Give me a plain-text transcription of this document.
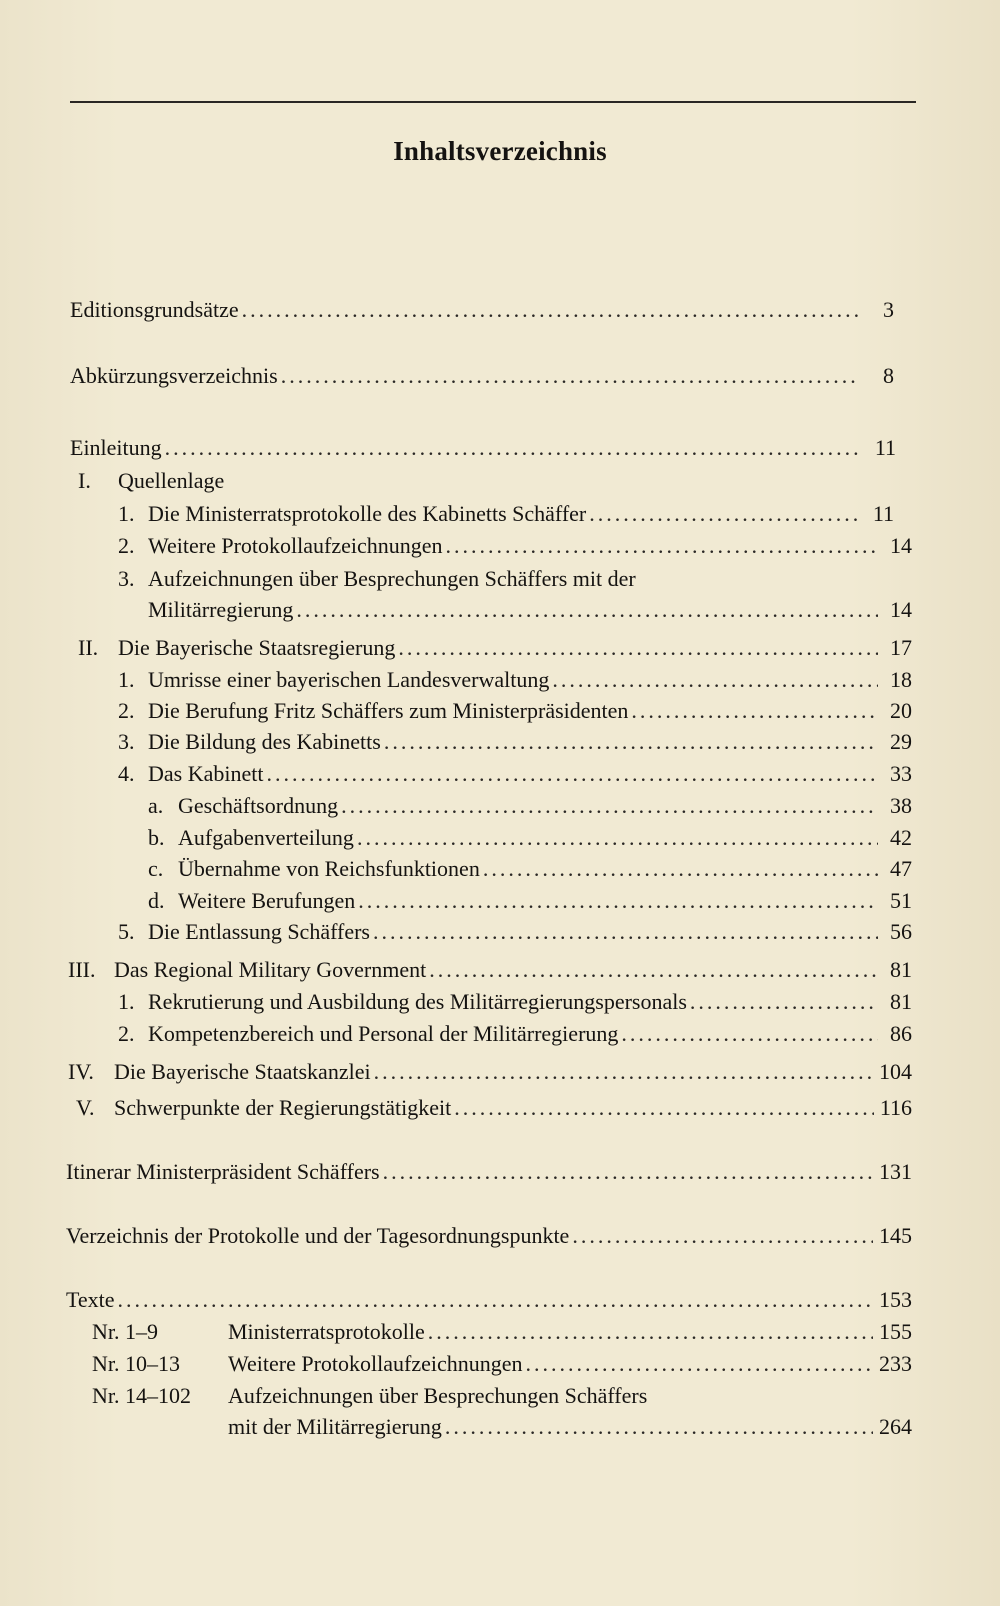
Inhaltsverzeichnis
Editionsgrundsätze .....	3
Abkürzungsverzeichnis .....	8
Einleitung .....	11
I.	Quellenlage
1. Die Ministerratsprotokolle des Kabinetts Schäffer .....	11
2. Weitere Protokollaufzeichnungen .....	14
3. Aufzeichnungen über Besprechungen Schäffers mit der
Militärregierung .....	14
II. Die Bayerische Staatsregierung .....	17
1. Umrisse einer bayerischen Landesverwaltung .....	18
2. Die Berufung Fritz Schäffers zum Ministerpräsidenten .....	20
3. Die Bildung des Kabinetts .....	29
4. Das Kabinett .....	33
a. Geschäftsordnung .....	38
b. Aufgabenverteilung .....	42
c. Übernahme von Reichsfunktionen .....	47
d. Weitere Berufungen .....	51
5. Die Entlassung Schäffers .....	56
III. Das Regional Military Government .....	81
1. Rekrutierung und Ausbildung des Militärregierungspersonals .....	81
2. Kompetenzbereich und Personal der Militärregierung .....	86
IV. Die Bayerische Staatskanzlei .....	104
V. Schwerpunkte der Regierungstätigkeit .....	116
Itinerar Ministerpräsident Schäffers .....	131
Verzeichnis der Protokolle und der Tagesordnungspunkte .....	145
Texte .....	153
Nr. 1–9	Ministerratsprotokolle .....	155
Nr. 10–13	Weitere Protokollaufzeichnungen .....	233
Nr. 14–102	Aufzeichnungen über Besprechungen Schäffers
mit der Militärregierung .....	264
